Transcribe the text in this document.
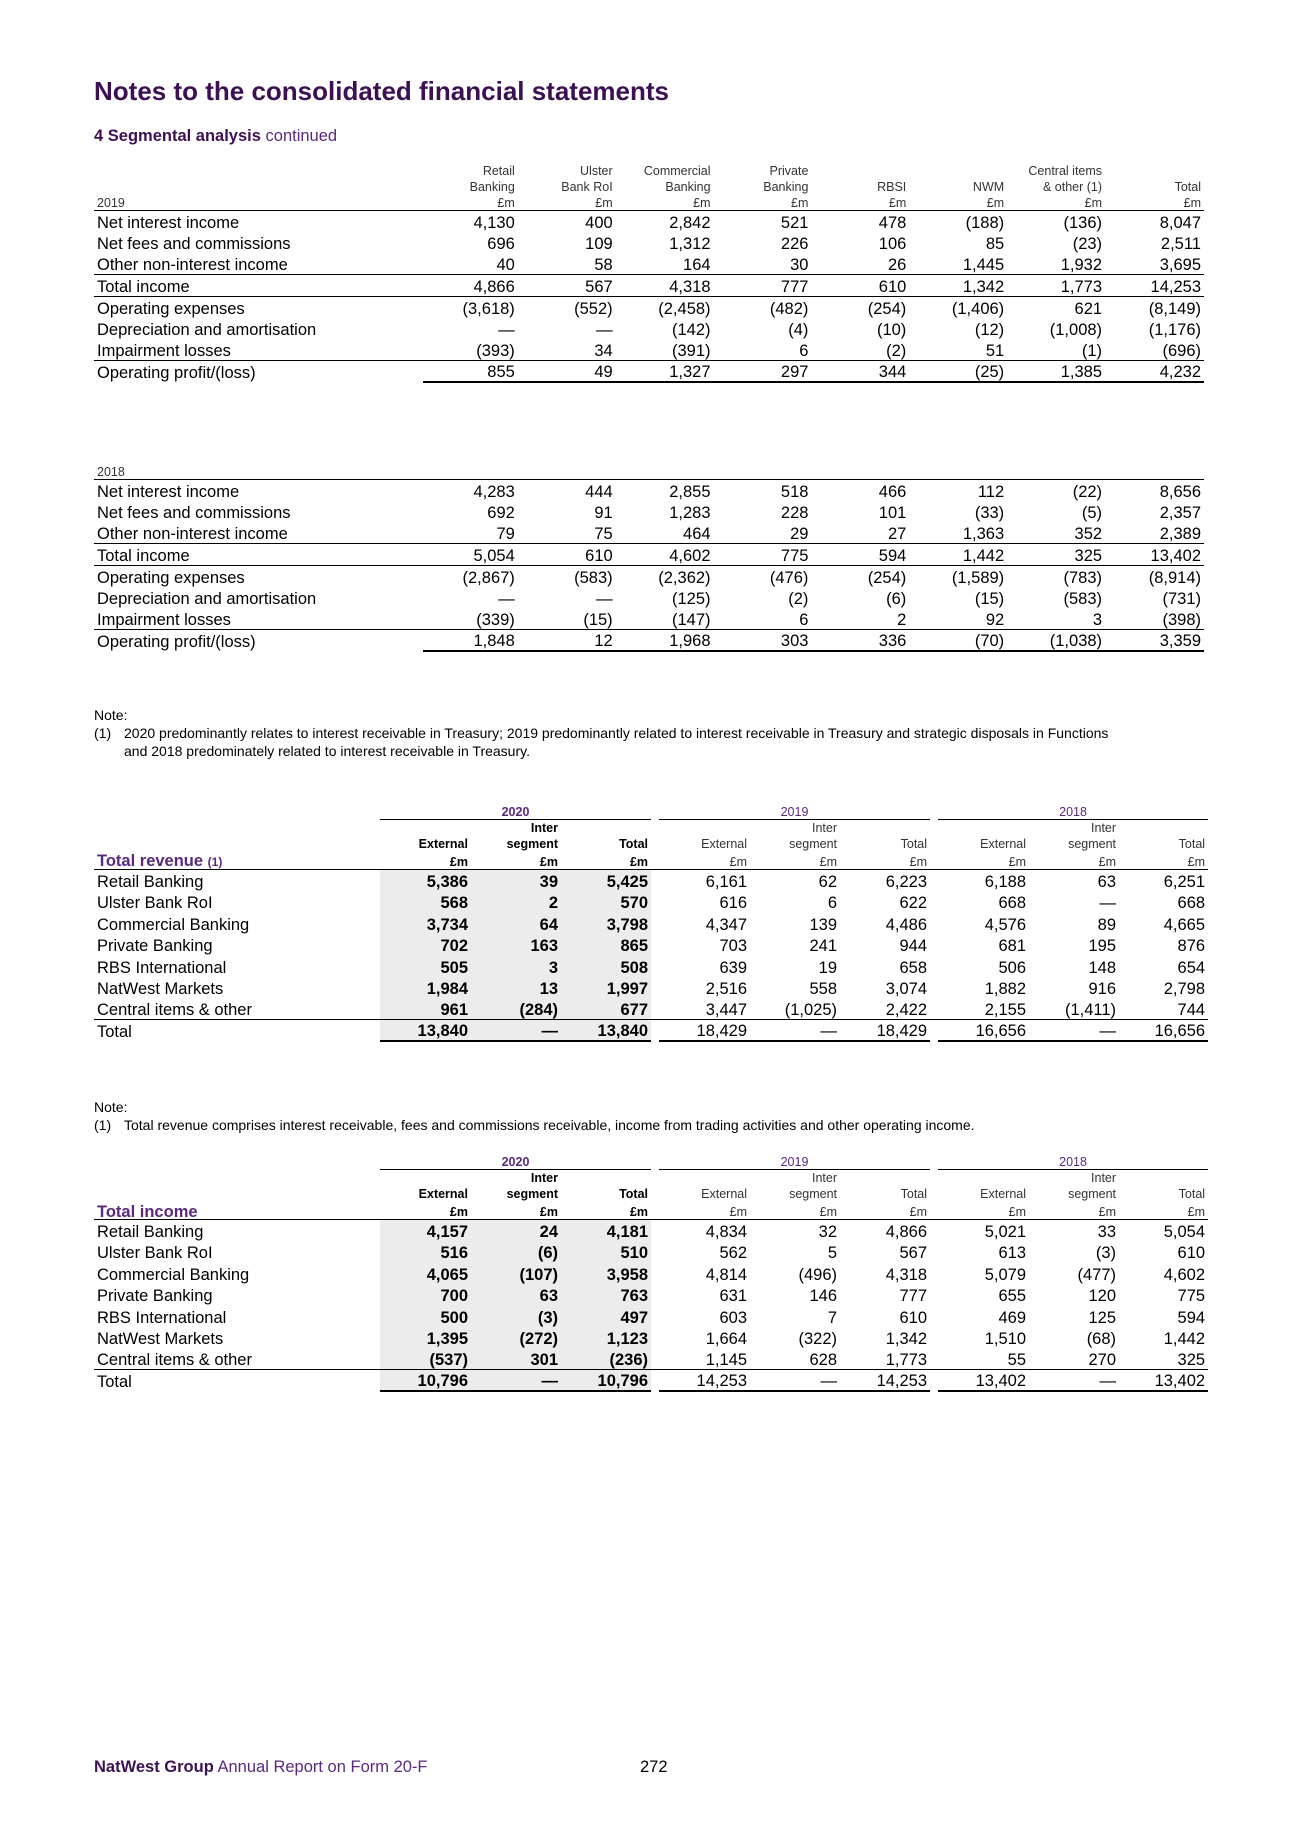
Notes to the consolidated financial statements
4 Segmental analysis continued
	Retail	Ulster	Commercial	Private			Central items	
	Banking	Bank RoI	Banking	Banking	RBSI	NWM	& other (1)	Total
2019	£m	£m	£m	£m	£m	£m	£m	£m
Net interest income	4,130	400	2,842	521	478	(188)	(136)	8,047
Net fees and commissions	696	109	1,312	226	106	85	(23)	2,511
Other non-interest income	40	58	164	30	26	1,445	1,932	3,695
Total income	4,866	567	4,318	777	610	1,342	1,773	14,253
Operating expenses	(3,618)	(552)	(2,458)	(482)	(254)	(1,406)	621	(8,149)
Depreciation and amortisation	—	—	(142)	(4)	(10)	(12)	(1,008)	(1,176)
Impairment losses	(393)	34	(391)	6	(2)	51	(1)	(696)
Operating profit/(loss)	855	49	1,327	297	344	(25)	1,385	4,232
2018								
Net interest income	4,283	444	2,855	518	466	112	(22)	8,656
Net fees and commissions	692	91	1,283	228	101	(33)	(5)	2,357
Other non-interest income	79	75	464	29	27	1,363	352	2,389
Total income	5,054	610	4,602	775	594	1,442	325	13,402
Operating expenses	(2,867)	(583)	(2,362)	(476)	(254)	(1,589)	(783)	(8,914)
Depreciation and amortisation	—	—	(125)	(2)	(6)	(15)	(583)	(731)
Impairment losses	(339)	(15)	(147)	6	2	92	3	(398)
Operating profit/(loss)	1,848	12	1,968	303	336	(70)	(1,038)	3,359
Note:
(1) 2020 predominantly relates to interest receivable in Treasury; 2019 predominantly related to interest receivable in Treasury and strategic disposals in Functions
and 2018 predominately related to interest receivable in Treasury.
	2020				2019				2018		
		Inter				Inter				Inter	
	External	segment	Total		External	segment	Total		External	segment	Total
Total revenue (1)	£m	£m	£m		£m	£m	£m		£m	£m	£m
Retail Banking	5,386	39	5,425		6,161	62	6,223		6,188	63	6,251
Ulster Bank RoI	568	2	570		616	6	622		668	—	668
Commercial Banking	3,734	64	3,798		4,347	139	4,486		4,576	89	4,665
Private Banking	702	163	865		703	241	944		681	195	876
RBS International	505	3	508		639	19	658		506	148	654
NatWest Markets	1,984	13	1,997		2,516	558	3,074		1,882	916	2,798
Central items & other	961	(284)	677		3,447	(1,025)	2,422		2,155	(1,411)	744
Total	13,840	—	13,840		18,429	—	18,429		16,656	—	16,656
Note:
(1) Total revenue comprises interest receivable, fees and commissions receivable, income from trading activities and other operating income.
	2020				2019				2018		
		Inter				Inter				Inter	
	External	segment	Total		External	segment	Total		External	segment	Total
Total income	£m	£m	£m		£m	£m	£m		£m	£m	£m
Retail Banking	4,157	24	4,181		4,834	32	4,866		5,021	33	5,054
Ulster Bank RoI	516	(6)	510		562	5	567		613	(3)	610
Commercial Banking	4,065	(107)	3,958		4,814	(496)	4,318		5,079	(477)	4,602
Private Banking	700	63	763		631	146	777		655	120	775
RBS International	500	(3)	497		603	7	610		469	125	594
NatWest Markets	1,395	(272)	1,123		1,664	(322)	1,342		1,510	(68)	1,442
Central items & other	(537)	301	(236)		1,145	628	1,773		55	270	325
Total	10,796	—	10,796		14,253	—	14,253		13,402	—	13,402
NatWest Group Annual Report on Form 20-F	272
